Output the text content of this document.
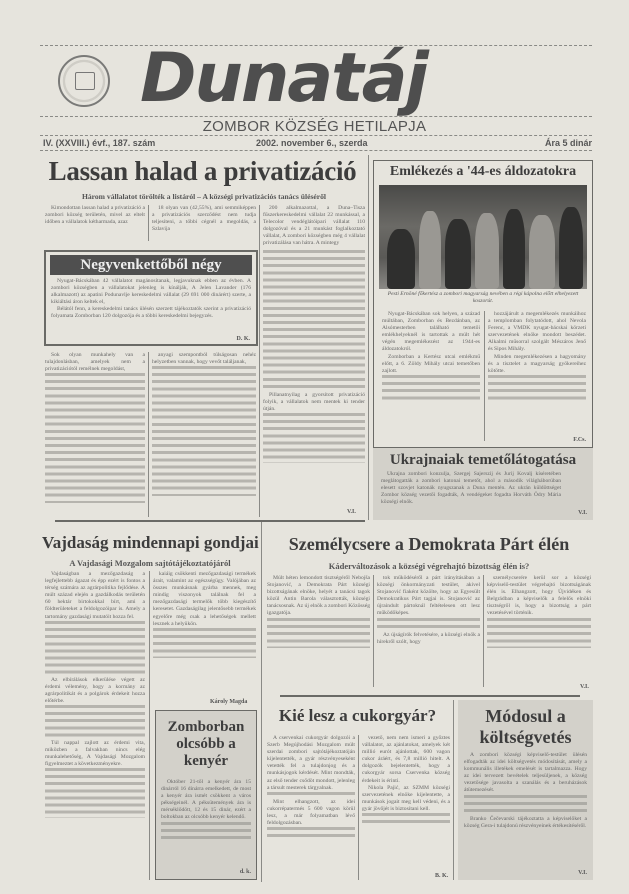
Dunatáj
ZOMBOR KÖZSÉG HETILAPJA
IV. (XXVIII.) évf., 187. szám	2002. november 6., szerda	Ára 5 dinár
Lassan halad a privatizáció
Három vállalatot törölték a listáról – A községi privatizációs tanács üléséről

Kimondottan lassan halad a privatizáció a zombori község területén, mivel az eltelt időben a vállalatok kétharmada, azaz

18 olyan van (42,55%), ami semmiképpen a privatizációs szerződést nem tudja teljesíteni, a többi cégnél a megoldás, a Szlavija

200 alkalmazottal, a Duna–Tisza fűszerkereskedelmi vállalat 22 munkással, a Telecolor vendéglátóipari vállalat 110 dolgozóval és a 21 munkást foglalkoztató vállalat, A zombori községben még 4 vállalat privatizálása van hátra. A mintegy

Pillanatnyilag a gyorsított privatizáció folyik, a vállalatok nem mentek ki tender útján.

V.I.
Negyvenkettőből négy

Nyugat-Bácskában 42 vállalatot magánosítanak, legjavuknak ebben az évben. A zombori községben a vállalatokat jelenleg is kínálják, A Jelen Lavander (176 alkalmazott) az apatini Podunavlje kereskedelmi vállalat (29 691 000 dinárért) szerte, a kikiáltási áron keltek el,

Bélától fenn, a kereskedelmi tanács ülésén szerzett tájékoztatók szerint a privatizáció folyamata Zomborban 120 dolgozója és a többi kereskedelmi bejegyzés.

D. K.

Sok olyan munkahely van a tulajdonlásban, amelyek nem a privatizációtól remélnek megoldást,

anyagi szempontból túlságosan nehéz helyzetben vannak, hogy vevőt találjanak,

Emlékezés a '44-es áldozatokra
Pesti Ernõné főkertész a zombori magyarság nevében a régi kápolna előtt elhelyezett koszorút.

Nyugat-Bácskában sok helyen, a század múltában, Zomborban és Bezdánban, az Alsómesterben található temetői emlékhelyeknél is tartottak a múlt hét végén megemlékezést az 1944-es áldozatokról.

Zomborban a Kertész utcai emlékmű előtt, a 6. Zöldy Mihály utcai temetőben zajlott.

hozzájárult a megemlékezés munkáihoz a templomban folytatódott, ahol Nevola Ferenc, a VMDK nyugat-bácskai körzeti szervezetének elnöke mondott beszédet. Alkalmi műsorral szolgált Mészáros Jenő és Sipos Mihály.

Minden megemlékezésen a hagyomány és a tisztelet a magyarság gyökereihez kötötte.

F.Cs.
Ukrajnaiak temetőlátogatása

Ukrajna zombori konzulja, Szergej Sajerszij és Jurij Kovalj kíséretében meglátogatták a zombori katonai temetőt, ahol a második világháborúban elesett szovjet katonák nyugszanak a Duna mentén. Az ukrán küldöttséget Zombor község vezetői fogadták, A vendégeket fogadta Horváth Ödry Mária községi elnök.

V.I.
Vajdaság mindennapi gondjai
A Vajdasági Mozgalom sajtótájékoztatójáról

Vajdaságban a mezőgazdaság a legfejlettebb ágazat és épp ezért is fontos a térség számára az agrárpolitika fejlődése. A múlt század elején a gazdálkodás területén 60 hektár birtokokkal bírt, ami a földterületeket a feldolgozóipar is. Amely a tartomány gazdasági mutatóit hozza fel.

Az elbírálások elkerülése végett az érdemi vélemény, hogy a kormány az agrárpolitikát és a polgárok érdekeit hozza előtérbe.

Túl nappal zajlott az érdemi vita, miközben a falvakban nincs elég munkalehetőség, A Vajdasági Mozgalom figyelmeztet a következményekre.

kaiáig csökkenti mezőgazdasági termékek árait, valamint az egészségügy. Valójában az összes munkásnak gyárba mennek, meg mindig viszonyok találnak fel a mezőgazdasági termelők több kiegészítő keresetet. Gazdaságilag jelentősebb termékek egyelőre még csak a lehetőségek mellett lesznek a helyükön.

Károly Magda
Zomborban olcsóbb a kenyér

Október 21-től a kenyér ára 15 dinárról 16 dinárra emelkedett, de most a kenyér ára ismét csökkent a város pékségeinél. A péksütemények ára is mérséklődött, 12 és 15 dinár, ezért a boltokban az olcsóbb kenyér kelendő.

d. k.
Személycsere a Demokrata Párt élén
Káderváltozások a községi végrehajtó bizottság élén is?

Múlt héten lemondott tisztségéről Nebojša Stojanović, a Demokrata Párt községi bizottságának elnöke, helyét a tanácsi tagok közül Antin Barola választották, községi tanácsosnak. Az új elnök a zombori Közösség igazgatója.

tok működéséről a párt irányításában a községi önkormányzati testület, akivel Stojanović fiaként közölte, hogy az Egyesült Demokratikus Párt tagjai is. Stojanović az újraindult pártoknál feltételesen ott lesz működőképes.

Az újságírók felvetésére, a községi elnök a hírekről szólt, hogy

személycserére kerül sor a községi képviselő-testület végrehajtó bizottságának élén is. Elhangzott, hogy Újvidéken és Belgrádban a képviselők a felelős elnöki tisztségről is, hogy a bizottság a párt vezetésével történik.

V.I.
Kié lesz a cukorgyár?

A cservenkai cukorgyár dolgozói a Szerb Megújhodási Mozgalom múlt szerdai zombori sajtótájékoztatóján kijelentették, a gyár részvényeseként vetették fel a tulajdonjog és a munkásjogok kérdését. Mint mondták, az első tender csődöt mondott, jelenleg a társult mesterek tárgyalnak.

Mint elhangzott, az idei cukorrépatermés 5 600 vagon körül lesz, a már folyamatban lévő feldolgozásban.

vezető, nem nem ismeri a győztes vállalatot, az ajánlatokat, amelyek két millió eurót ajánlottak, 600 vagon cukor áráért, és 7,8 millió hitelt. A dolgozók bejelentették, hogy a cukorgyár sorsa Cservenka község érdekeit is érinti.

Nikola Pajić, az SZMM községi szervezetének elnöke kijelentette, a munkások jogait meg kell védeni, és a gyár jövőjét is biztosítani kell.

B. K.
Módosul a költségvetés

A zombori községi képviselő-testület ülésén elfogadták az idei költségvetés módosítását, amely a kommunális illetékek emelését is tartalmazza. Hogy az idei tervezett bevételek teljesüljenek, a község vezetősége javasolta a szanálás és a beruházások átütemezését.

Branko Čečevarski tájékoztatta a képviselőket a község Gera-i tulajdonú részvényeinek értékesítéséről.

V.I.
